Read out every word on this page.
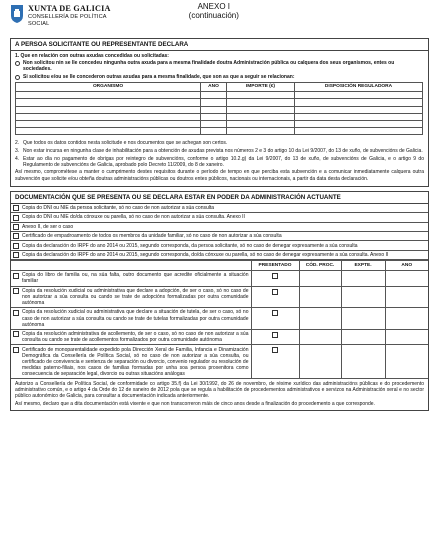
XUNTA DE GALICIA
CONSELLERÍA DE POLÍTICA
SOCIAL
ANEXO I
(continuación)
A PERSOA SOLICITANTE OU REPRESENTANTE DECLARA

1. Que en relación con outras axudas concedidas ou solicitadas:

Non solicitou nin se lle concedeu ningunha outra axuda para a mesma finalidade doutra Administración pública ou calquera dos seus organismos, entes ou sociedades.
Si solicitou e/ou se lle concederon outras axudas para a mesma finalidade, que son as que a seguir se relacionan:
ORGANISMO	ANO	IMPORTE (€)	DISPOSICIÓN REGULADORA

2. Que todos os datos contidos nesta solicitude e nos documentos que se achegan son certos.
3. Non estar incursa en ningunha clase de inhabilitación para a obtención de axudas prevista nos números 2 e 3 do artigo 10 da Lei 9/2007, do 13 de xuño, de subvencións de Galicia.
4. Estar ao día no pagamento de obrigas por reintegro de subvencións, conforme o artigo 10.2.g) da Lei 9/2007, do 13 de xuño, de subvencións de Galicia, e o artigo 9 do Regulamento de subvencións de Galicia, aprobado polo Decreto 11/2009, do 8 de xaneiro.

Así mesmo, comprométese a manter o cumprimento destes requisitos durante o período de tempo en que perciba esta subvención e a comunicar inmediatamente calquera outra subvención que solicite e/ou obteña doutras administracións públicas ou doutros entes públicos, nacionais ou internacionais, a partir da data desta declaración.

DOCUMENTACIÓN QUE SE PRESENTA OU SE DECLARA ESTAR EN PODER DA ADMINISTRACIÓN ACTUANTE
Copia do DNI ou NIE da persoa solicitante, só no caso de non autorizar a súa consulta
Copia do DNI ou NIE do/da cónxuxe ou parella, só no caso de non autorizar a súa consulta. Anexo II
Anexo II, de ser o caso
Certificado de empadroamento de todos os membros da unidade familiar, só no caso de non autorizar a súa consulta
Copia da declaración do IRPF do ano 2014 ou 2015, segundo corresponda, da persoa solicitante, só no caso de denegar expresamente a súa consulta
Copia da declaración do IRPF do ano 2014 ou 2015, segundo corresponda, do/da cónxuxe ou parella, só no caso de denegar expresamente a súa consulta. Anexo II
	PRESENTADO	CÓD. PROC.	EXPTE.	ANO

Copia do libro de familia ou, na súa falta, outro documento que acredite oficialmente a situación familiar				

Copia da resolución xudicial ou administrativa que declare a adopción, de ser o caso, só no caso de non autorizar a súa consulta ou cando se trate de adopcións formalizadas por outra comunidade autónoma				

Copia da resolución xudicial ou administrativa que declare a situación de tutela, de ser o caso, só no caso de non autorizar a súa consulta ou cando se trate de tutelas formalizadas por outra comunidade autónoma				

Copia da resolución administrativa de acollemento, de ser o caso, só no caso de non autorizar a súa consulta ou cando se trate de acollementos formalizados por outra comunidade autónoma				

Certificado de monoparentalidade expedido pola Dirección Xeral de Familia, Infancia e Dinamización Demográfica da Consellería de Política Social, só no caso de non autorizar a súa consulta, ou certificado de convivencia e sentenza de separación ou divorcio, convenio regulador ou resolución de medidas paterno-filiais, nos casos de familias formadas por unha soa persoa proxenitora como consecuencia de separación legal, divorcio ou outras situacións análogas				

Autorizo a Consellería de Política Social, de conformidade co artigo 35.f) da Lei 30/1992, do 26 de novembro, de réxime xurídico das administracións públicas e do procedemento administrativo común, e o artigo 4 da Orde do 12 de xaneiro de 2012 pola que se regula a habilitación de procedementos administrativos e servizos na Administración xeral e no sector público autonómico de Galicia, para consultar a documentación indicada anteriormente.

Así mesmo, declaro que a dita documentación está vixente e que non transcorreron máis de cinco anos desde a finalización do procedemento a que corresponde.
